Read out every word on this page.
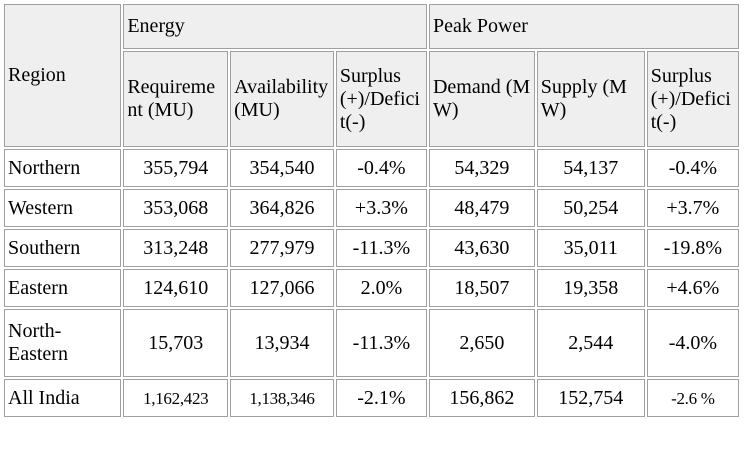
Region	Energy			Peak Power		
	Requirement (MU)	Availability (MU)	Surplus(+)/Deficit(-)	Demand (MW)	Supply (MW)	Surplus(+)/Deficit(-)
Northern	355,794	354,540	-0.4%	54,329	54,137	-0.4%
Western	353,068	364,826	+3.3%	48,479	50,254	+3.7%
Southern	313,248	277,979	-11.3%	43,630	35,011	-19.8%
Eastern	124,610	127,066	2.0%	18,507	19,358	+4.6%
North-Eastern	15,703	13,934	-11.3%	2,650	2,544	-4.0%
All India	1,162,423	1,138,346	-2.1%	156,862	152,754	-2.6 %
